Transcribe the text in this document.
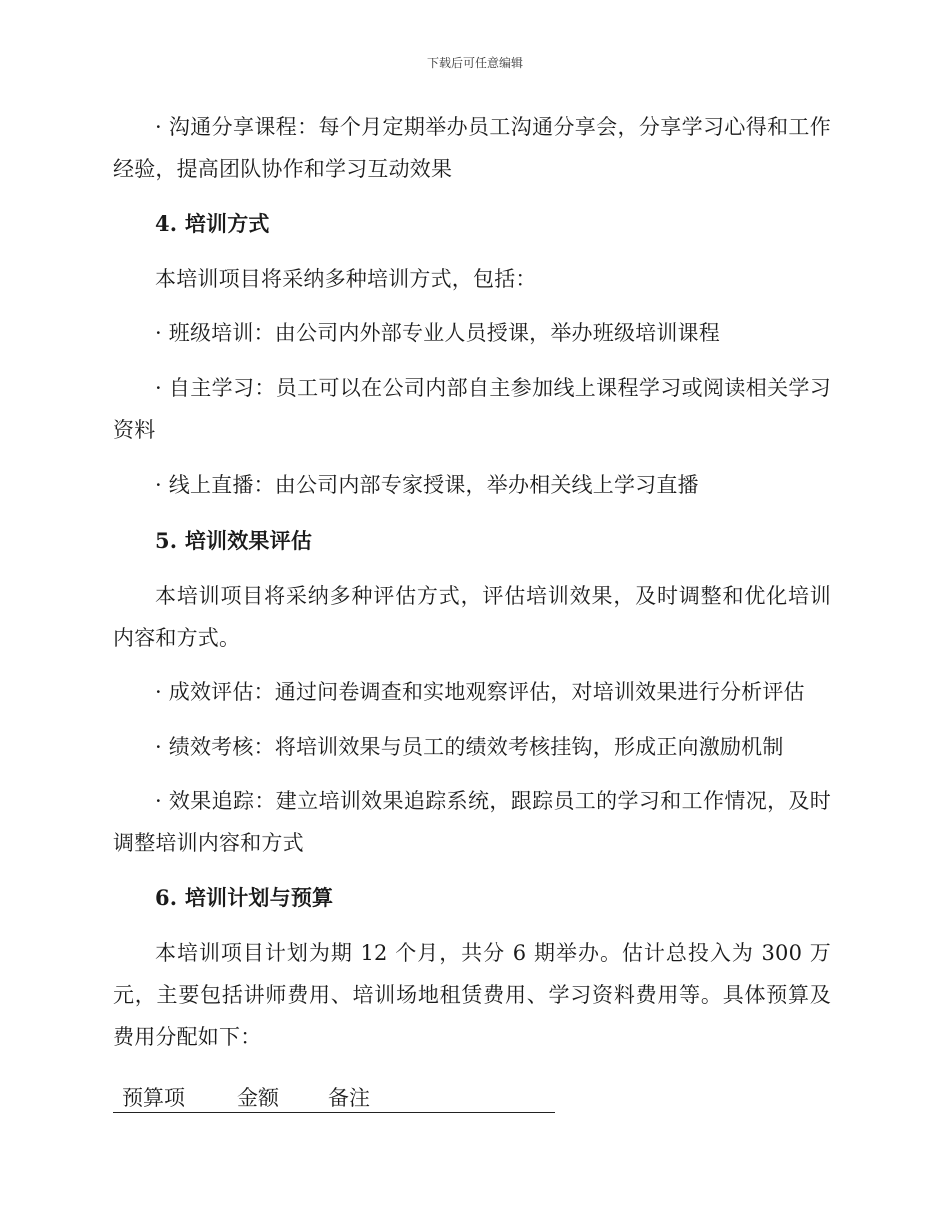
下载后可任意编辑
· 沟通分享课程：每个月定期举办员工沟通分享会，分享学习心得和工作经验，提高团队协作和学习互动效果
4. 培训方式
本培训项目将采纳多种培训方式，包括：
· 班级培训：由公司内外部专业人员授课，举办班级培训课程
· 自主学习：员工可以在公司内部自主参加线上课程学习或阅读相关学习资料
· 线上直播：由公司内部专家授课，举办相关线上学习直播
5. 培训效果评估
本培训项目将采纳多种评估方式，评估培训效果，及时调整和优化培训内容和方式。
· 成效评估：通过问卷调查和实地观察评估，对培训效果进行分析评估
· 绩效考核：将培训效果与员工的绩效考核挂钩，形成正向激励机制
· 效果追踪：建立培训效果追踪系统，跟踪员工的学习和工作情况，及时调整培训内容和方式
6. 培训计划与预算
本培训项目计划为期 12 个月，共分 6 期举办。估计总投入为 300 万元，主要包括讲师费用、培训场地租赁费用、学习资料费用等。具体预算及费用分配如下：
预算项 金额 备注
